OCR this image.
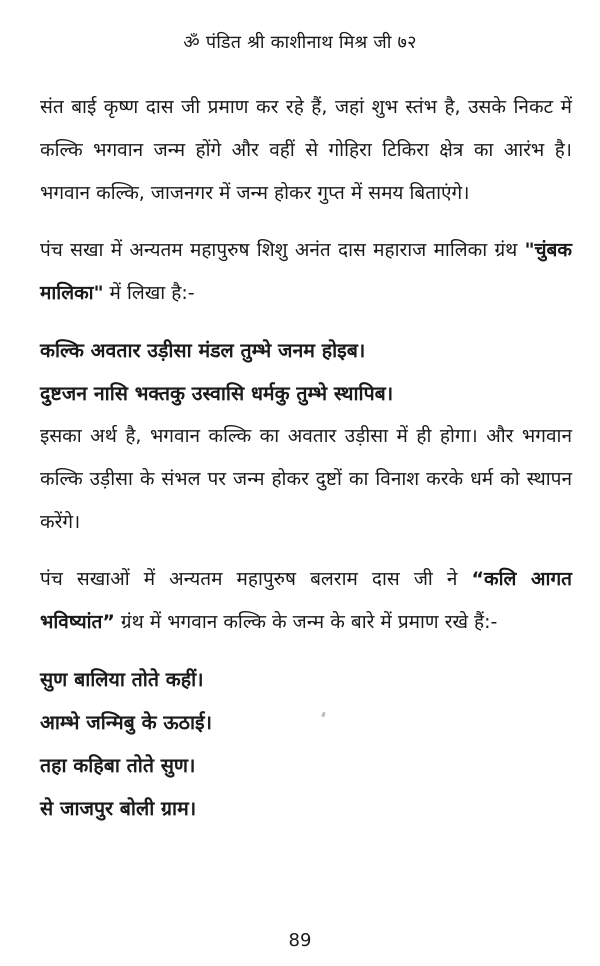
ॐ पंडित श्री काशीनाथ मिश्र जी ७२

संत बाई कृष्ण दास जी प्रमाण कर रहे हैं, जहां शुभ स्तंभ है, उसके निकट में कल्कि भगवान जन्म होंगे और वहीं से गोहिरा टिकिरा क्षेत्र का आरंभ है। भगवान कल्कि, जाजनगर में जन्म होकर गुप्त में समय बिताएंगे।

पंच सखा में अन्यतम महापुरुष शिशु अनंत दास महाराज मालिका ग्रंथ "चुंबक मालिका" में लिखा है:-

कल्कि अवतार उड़ीसा मंडल तुम्भे जनम होइब।

दुष्टजन नासि भक्तकु उस्वासि धर्मकु तुम्भे स्थापिब।

इसका अर्थ है, भगवान कल्कि का अवतार उड़ीसा में ही होगा। और भगवान कल्कि उड़ीसा के संभल पर जन्म होकर दुष्टों का विनाश करके धर्म को स्थापन करेंगे।

पंच सखाओं में अन्यतम महापुरुष बलराम दास जी ने “कलि आगत भविष्यांत” ग्रंथ में भगवान कल्कि के जन्म के बारे में प्रमाण रखे हैं:-

सुण बालिया तोते कहीं।

आम्भे जन्मिबु के ऊठाई।

तहा कहिबा तोते सुण।

से जाजपुर बोली ग्राम।

89
